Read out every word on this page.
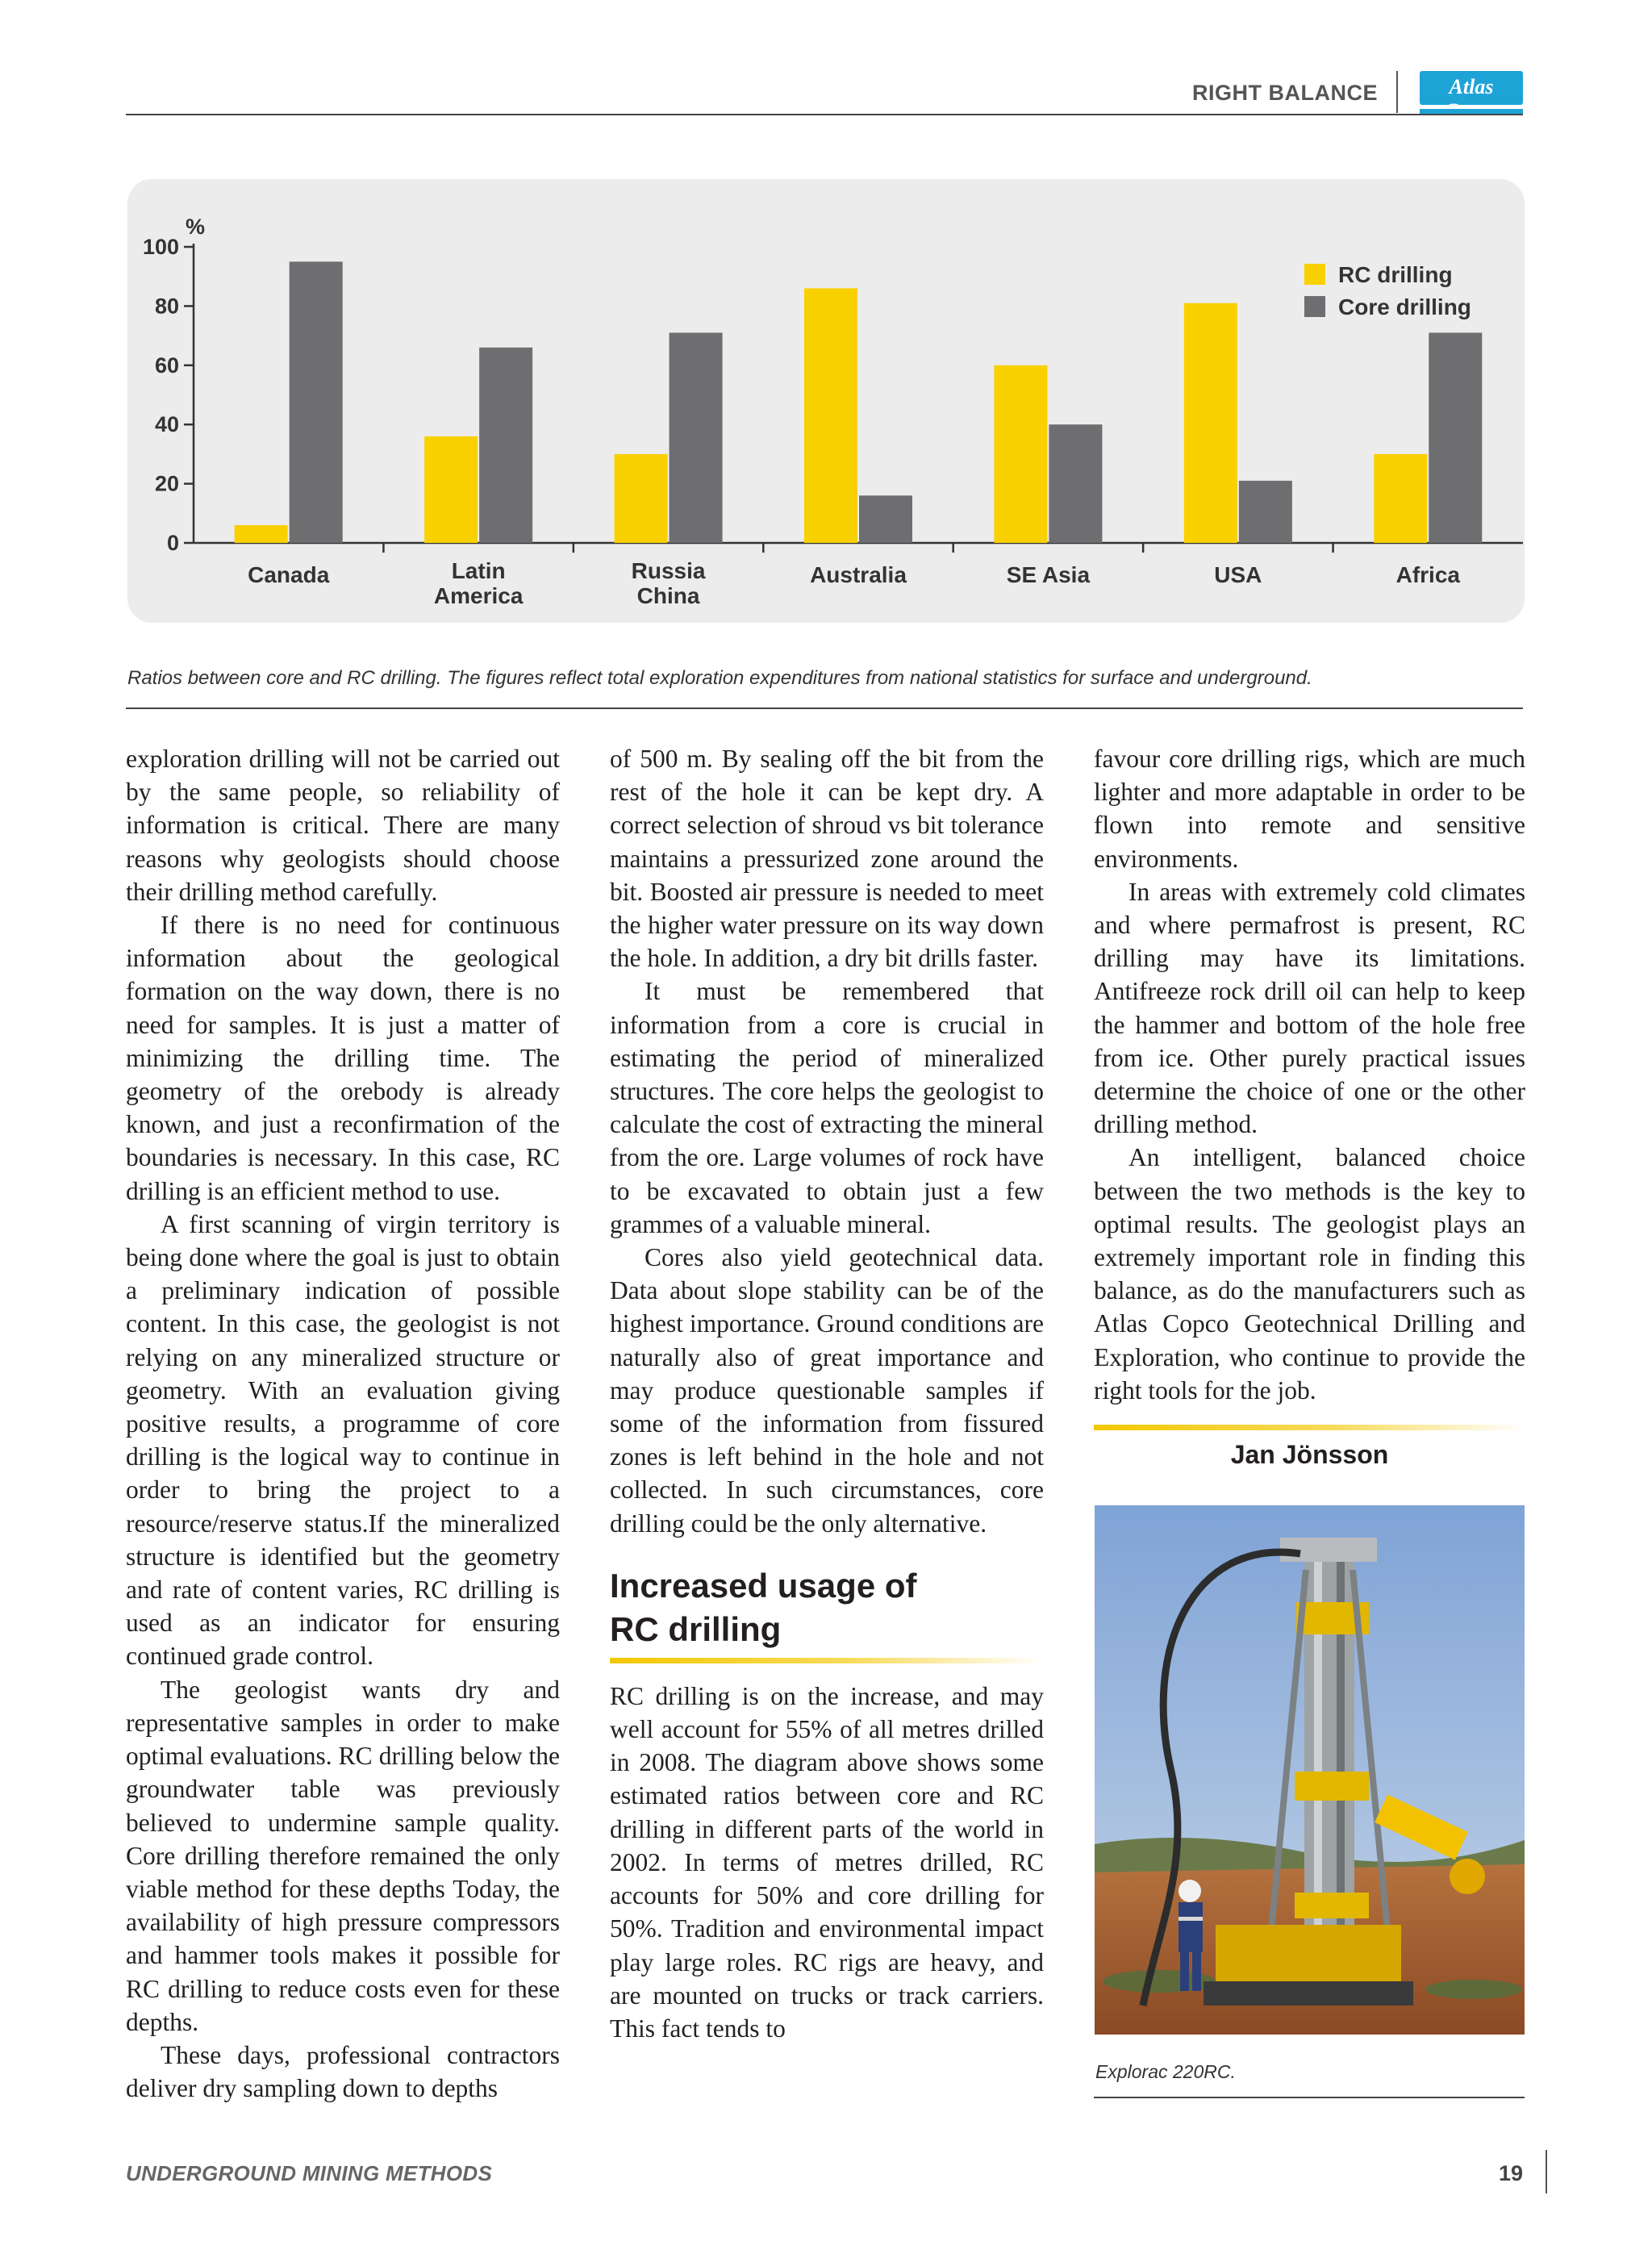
RIGHT BALANCE	Atlas
0
20
40
60
80
100
%
Canada	Latin
America
Russia
China
Australia	SE Asia	USA	Africa
RC drilling
Core drilling
Ratios between core and RC drilling. The figures reflect total exploration expenditures from national statistics for surface and underground.

exploration drilling will not be carried out by the same people, so reliability of information is critical. There are many reasons why geologists should choose their drilling method carefully.

If there is no need for continuous information about the geological formation on the way down, there is no need for samples. It is just a matter of minimizing the drilling time. The geometry of the orebody is already known, and just a reconfirmation of the boundaries is necessary. In this case, RC drilling is an efficient method to use.

A first scanning of virgin territory is being done where the goal is just to obtain a preliminary indication of possible content. In this case, the geologist is not relying on any mineralized structure or geometry. With an evaluation giving positive results, a programme of core drilling is the logical way to continue in order to bring the project to a resource/reserve status.If the mineralized structure is identified but the geometry and rate of content varies, RC drilling is used as an indicator for ensuring continued grade control.

The geologist wants dry and representative samples in order to make optimal evaluations. RC drilling below the groundwater table was previously believed to undermine sample quality. Core drilling therefore remained the only viable method for these depths Today, the availability of high pressure compressors and hammer tools makes it possible for RC drilling to reduce costs even for these depths.

These days, professional contractors deliver dry sampling down to depths

of 500 m. By sealing off the bit from the rest of the hole it can be kept dry. A correct selection of shroud vs bit tolerance maintains a pressurized zone around the bit. Boosted air pressure is needed to meet the higher water pressure on its way down the hole. In addition, a dry bit drills faster.

It must be remembered that information from a core is crucial in estimating the period of mineralized structures. The core helps the geologist to calculate the cost of extracting the mineral from the ore. Large volumes of rock have to be excavated to obtain just a few grammes of a valuable mineral.

Cores also yield geotechnical data. Data about slope stability can be of the highest importance. Ground conditions are naturally also of great importance and may produce questionable samples if some of the information from fissured zones is left behind in the hole and not collected. In such circumstances, core drilling could be the only alternative.

Increased usage of
RC drilling

RC drilling is on the increase, and may well account for 55% of all metres drilled in 2008. The diagram above shows some estimated ratios between core and RC drilling in different parts of the world in 2002. In terms of metres drilled, RC accounts for 50% and core drilling for 50%. Tradition and environmental impact play large roles. RC rigs are heavy, and are mounted on trucks or track carriers. This fact tends to

favour core drilling rigs, which are much lighter and more adaptable in order to be flown into remote and sensitive environments.

In areas with extremely cold climates and where permafrost is present, RC drilling may have its limitations. Antifreeze rock drill oil can help to keep the hammer and bottom of the hole free from ice. Other purely practical issues determine the choice of one or the other drilling method.

An intelligent, balanced choice between the two methods is the key to optimal results. The geologist plays an extremely important role in finding this balance, as do the manufacturers such as Atlas Copco Geotechnical Drilling and Exploration, who continue to provide the right tools for the job.

Jan Jönsson
Explorac 220RC.
UNDERGROUND MINING METHODS	19
